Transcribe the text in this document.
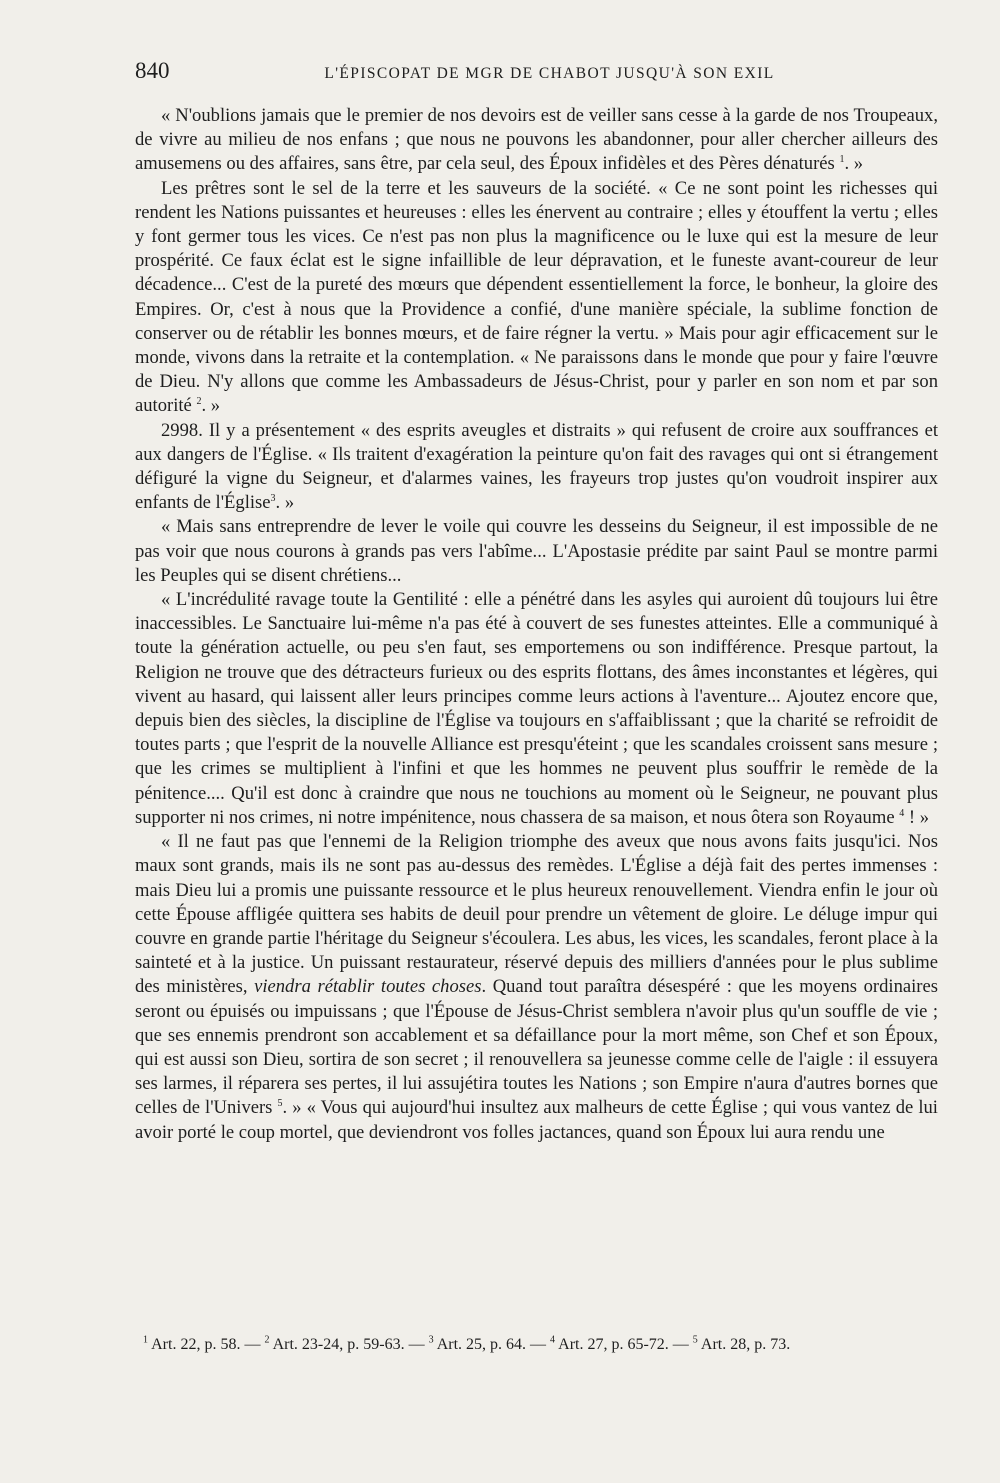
840	L'ÉPISCOPAT DE MGR DE CHABOT JUSQU'À SON EXIL

« N'oublions jamais que le premier de nos devoirs est de veiller sans cesse à la garde de nos Troupeaux, de vivre au milieu de nos enfans ; que nous ne pouvons les abandonner, pour aller chercher ailleurs des amusemens ou des affaires, sans être, par cela seul, des Époux infidèles et des Pères dénaturés $^1$. »

Les prêtres sont le sel de la terre et les sauveurs de la société. « Ce ne sont point les richesses qui rendent les Nations puissantes et heureuses : elles les énervent au contraire ; elles y étouffent la vertu ; elles y font germer tous les vices. Ce n'est pas non plus la magnificence ou le luxe qui est la mesure de leur prospérité. Ce faux éclat est le signe infaillible de leur dépravation, et le funeste avant-coureur de leur décadence... C'est de la pureté des mœurs que dépendent essentiellement la force, le bonheur, la gloire des Empires. Or, c'est à nous que la Providence a confié, d'une manière spéciale, la sublime fonction de conserver ou de rétablir les bonnes mœurs, et de faire régner la vertu. » Mais pour agir efficacement sur le monde, vivons dans la retraite et la contemplation. « Ne paraissons dans le monde que pour y faire l'œuvre de Dieu. N'y allons que comme les Ambassadeurs de Jésus-Christ, pour y parler en son nom et par son autorité $^2$. »

2998. Il y a présentement « des esprits aveugles et distraits » qui refusent de croire aux souffrances et aux dangers de l'Église. « Ils traitent d'exagération la peinture qu'on fait des ravages qui ont si étrangement défiguré la vigne du Seigneur, et d'alarmes vaines, les frayeurs trop justes qu'on voudroit inspirer aux enfants de l'Église$^3$. »

« Mais sans entreprendre de lever le voile qui couvre les desseins du Seigneur, il est impossible de ne pas voir que nous courons à grands pas vers l'abîme... L'Apostasie prédite par saint Paul se montre parmi les Peuples qui se disent chrétiens...

« L'incrédulité ravage toute la Gentilité : elle a pénétré dans les asyles qui auroient dû toujours lui être inaccessibles. Le Sanctuaire lui-même n'a pas été à couvert de ses funestes atteintes. Elle a communiqué à toute la génération actuelle, ou peu s'en faut, ses emportemens ou son indifférence. Presque partout, la Religion ne trouve que des détracteurs furieux ou des esprits flottans, des âmes inconstantes et légères, qui vivent au hasard, qui laissent aller leurs principes comme leurs actions à l'aventure... Ajoutez encore que, depuis bien des siècles, la discipline de l'Église va toujours en s'affaiblissant ; que la charité se refroidit de toutes parts ; que l'esprit de la nouvelle Alliance est presqu'éteint ; que les scandales croissent sans mesure ; que les crimes se multiplient à l'infini et que les hommes ne peuvent plus souffrir le remède de la pénitence.... Qu'il est donc à craindre que nous ne touchions au moment où le Seigneur, ne pouvant plus supporter ni nos crimes, ni notre impénitence, nous chassera de sa maison, et nous ôtera son Royaume $^4$ ! »

« Il ne faut pas que l'ennemi de la Religion triomphe des aveux que nous avons faits jusqu'ici. Nos maux sont grands, mais ils ne sont pas au-dessus des remèdes. L'Église a déjà fait des pertes immenses : mais Dieu lui a promis une puissante ressource et le plus heureux renouvellement. Viendra enfin le jour où cette Épouse affligée quittera ses habits de deuil pour prendre un vêtement de gloire. Le déluge impur qui couvre en grande partie l'héritage du Seigneur s'écoulera. Les abus, les vices, les scandales, feront place à la sainteté et à la justice. Un puissant restaurateur, réservé depuis des milliers d'années pour le plus sublime des ministères, viendra rétablir toutes choses. Quand tout paraîtra désespéré : que les moyens ordinaires seront ou épuisés ou impuissans ; que l'Épouse de Jésus-Christ semblera n'avoir plus qu'un souffle de vie ; que ses ennemis prendront son accablement et sa défaillance pour la mort même, son Chef et son Époux, qui est aussi son Dieu, sortira de son secret ; il renouvellera sa jeunesse comme celle de l'aigle : il essuyera ses larmes, il réparera ses pertes, il lui assujétira toutes les Nations ; son Empire n'aura d'autres bornes que celles de l'Univers $^5$. » « Vous qui aujourd'hui insultez aux malheurs de cette Église ; qui vous vantez de lui avoir porté le coup mortel, que deviendront vos folles jactances, quand son Époux lui aura rendu une

$^1$ Art. 22, p. 58. — $^2$ Art. 23-24, p. 59-63. — $^3$ Art. 25, p. 64. — $^4$ Art. 27, p. 65-72. — $^5$ Art. 28, p. 73.
